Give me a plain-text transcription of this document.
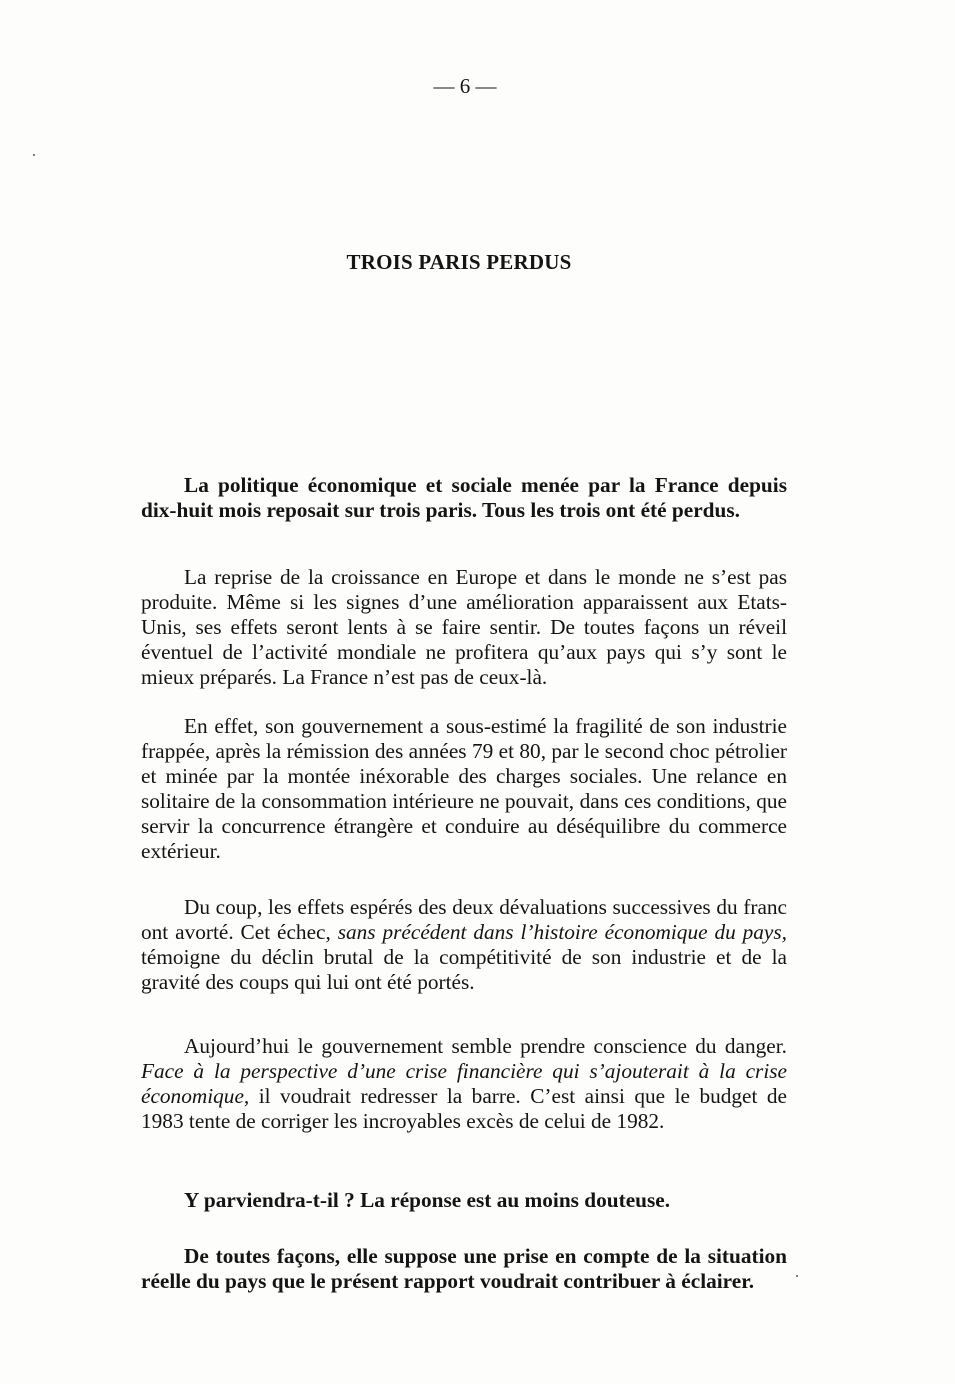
— 6 —
TROIS PARIS PERDUS

La politique économique et sociale menée par la France depuis dix-huit mois reposait sur trois paris. Tous les trois ont été perdus.

La reprise de la croissance en Europe et dans le monde ne s’est pas produite. Même si les signes d’une amélioration apparaissent aux Etats-Unis, ses effets seront lents à se faire sentir. De toutes façons un réveil éventuel de l’activité mondiale ne profitera qu’aux pays qui s’y sont le mieux préparés. La France n’est pas de ceux-là.

En effet, son gouvernement a sous-estimé la fragilité de son industrie frappée, après la rémission des années 79 et 80, par le second choc pétrolier et minée par la montée inéxorable des charges sociales. Une relance en solitaire de la consommation intérieure ne pouvait, dans ces conditions, que servir la concurrence étrangère et conduire au déséquilibre du commerce extérieur.

Du coup, les effets espérés des deux dévaluations successives du franc ont avorté. Cet échec, sans précédent dans l’histoire économique du pays, témoigne du déclin brutal de la compétitivité de son industrie et de la gravité des coups qui lui ont été portés.

Aujourd’hui le gouvernement semble prendre conscience du danger. Face à la perspective d’une crise financière qui s’ajouterait à la crise économique, il voudrait redresser la barre. C’est ainsi que le budget de 1983 tente de corriger les incroyables excès de celui de 1982.

Y parviendra-t-il ? La réponse est au moins douteuse.

De toutes façons, elle suppose une prise en compte de la situation réelle du pays que le présent rapport voudrait contribuer à éclairer.
